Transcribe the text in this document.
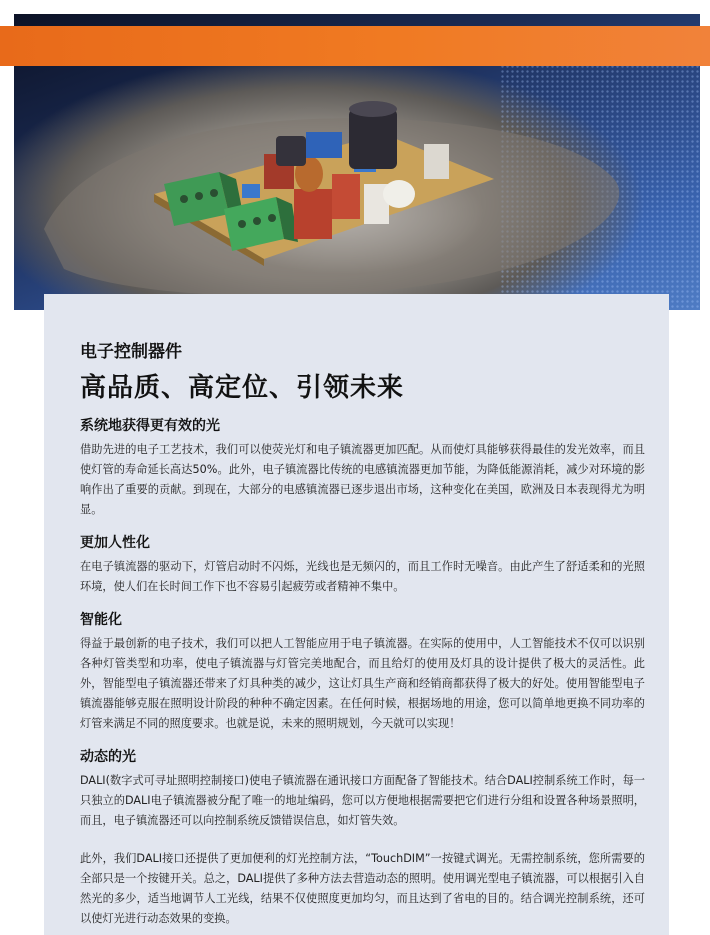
电子控制器件
高品质、高定位、引领未来
系统地获得更有效的光

借助先进的电子工艺技术，我们可以使荧光灯和电子镇流器更加匹配。从而使灯具能够获得最佳的发光效率，而且使灯管的寿命延长高达50%。此外，电子镇流器比传统的电感镇流器更加节能，为降低能源消耗，减少对环境的影响作出了重要的贡献。到现在，大部分的电感镇流器已逐步退出市场，这种变化在美国，欧洲及日本表现得尤为明显。

更加人性化

在电子镇流器的驱动下，灯管启动时不闪烁，光线也是无频闪的，而且工作时无噪音。由此产生了舒适柔和的光照环境，使人们在长时间工作下也不容易引起疲劳或者精神不集中。

智能化

得益于最创新的电子技术，我们可以把人工智能应用于电子镇流器。在实际的使用中，人工智能技术不仅可以识别各种灯管类型和功率，使电子镇流器与灯管完美地配合，而且给灯的使用及灯具的设计提供了极大的灵活性。此外，智能型电子镇流器还带来了灯具种类的减少，这让灯具生产商和经销商都获得了极大的好处。使用智能型电子镇流器能够克服在照明设计阶段的种种不确定因素。在任何时候，根据场地的用途，您可以简单地更换不同功率的灯管来满足不同的照度要求。也就是说，未来的照明规划，今天就可以实现！

动态的光

DALI(数字式可寻址照明控制接口)使电子镇流器在通讯接口方面配备了智能技术。结合DALI控制系统工作时，每一只独立的DALI电子镇流器被分配了唯一的地址编码，您可以方便地根据需要把它们进行分组和设置各种场景照明，而且，电子镇流器还可以向控制系统反馈错误信息，如灯管失效。

此外，我们DALI接口还提供了更加便利的灯光控制方法，“TouchDIM”一按键式调光。无需控制系统，您所需要的全部只是一个按键开关。总之，DALI提供了多种方法去营造动态的照明。使用调光型电子镇流器，可以根据引入自然光的多少，适当地调节人工光线，结果不仅使照度更加均匀，而且达到了省电的目的。结合调光控制系统，还可以使灯光进行动态效果的变换。
